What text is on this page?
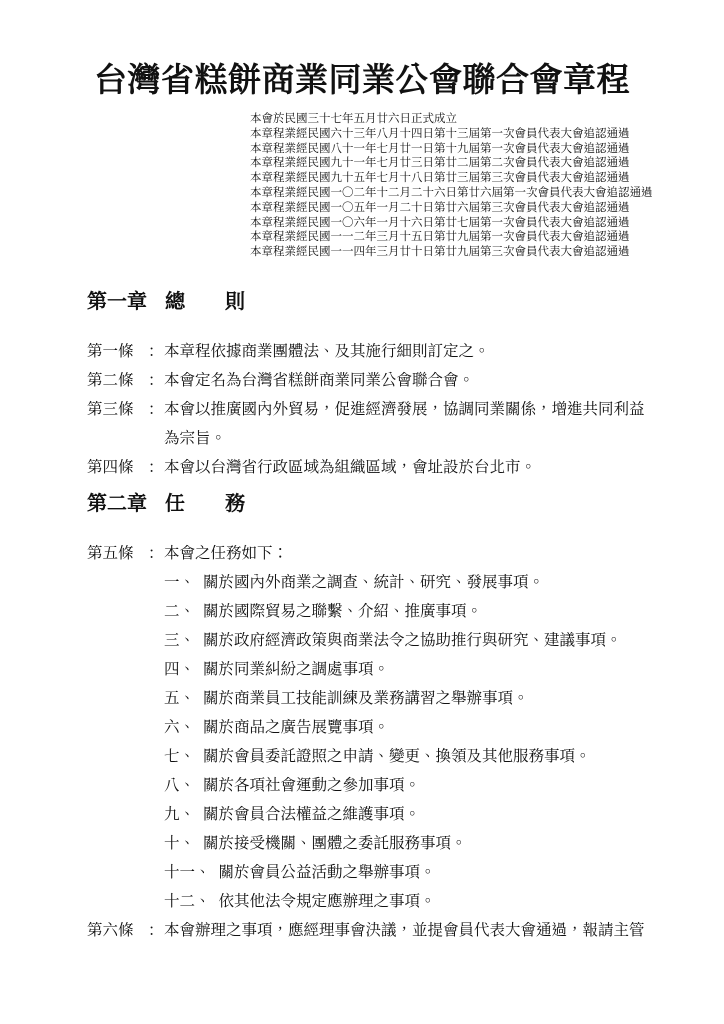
台灣省糕餅商業同業公會聯合會章程
本會於民國三十七年五月廿六日正式成立
本章程業經民國六十三年八月十四日第十三屆第一次會員代表大會追認通過
本章程業經民國八十一年七月廿一日第十九屆第一次會員代表大會追認通過
本章程業經民國九十一年七月廿三日第廿二屆第二次會員代表大會追認通過
本章程業經民國九十五年七月十八日第廿三屆第三次會員代表大會追認通過
本章程業經民國一〇二年十二月二十六日第廿六屆第一次會員代表大會追認通過
本章程業經民國一〇五年一月二十日第廿六屆第三次會員代表大會追認通過
本章程業經民國一〇六年一月十六日第廿七屆第一次會員代表大會追認通過
本章程業經民國一一二年三月十五日第廿九屆第一次會員代表大會追認通過
本章程業經民國一一四年三月廿十日第廿九屆第三次會員代表大會追認通過
第一章 總　　則
第一條 ： 本章程依據商業團體法、及其施行細則訂定之。
第二條 ： 本會定名為台灣省糕餅商業同業公會聯合會。
第三條 ： 本會以推廣國內外貿易，促進經濟發展，協調同業關係，增進共同利益為宗旨。
第四條 ： 本會以台灣省行政區域為組織區域，會址設於台北市。
第二章 任　　務
第五條 ： 本會之任務如下：
一、 關於國內外商業之調查、統計、研究、發展事項。
二、 關於國際貿易之聯繫、介紹、推廣事項。
三、 關於政府經濟政策與商業法令之協助推行與研究、建議事項。
四、 關於同業糾紛之調處事項。
五、 關於商業員工技能訓練及業務講習之舉辦事項。
六、 關於商品之廣告展覽事項。
七、 關於會員委託證照之申請、變更、換領及其他服務事項。
八、 關於各項社會運動之參加事項。
九、 關於會員合法權益之維護事項。
十、 關於接受機關、團體之委託服務事項。
十一、 關於會員公益活動之舉辦事項。
十二、 依其他法令規定應辦理之事項。
第六條 ： 本會辦理之事項，應經理事會決議，並提會員代表大會通過，報請主管
